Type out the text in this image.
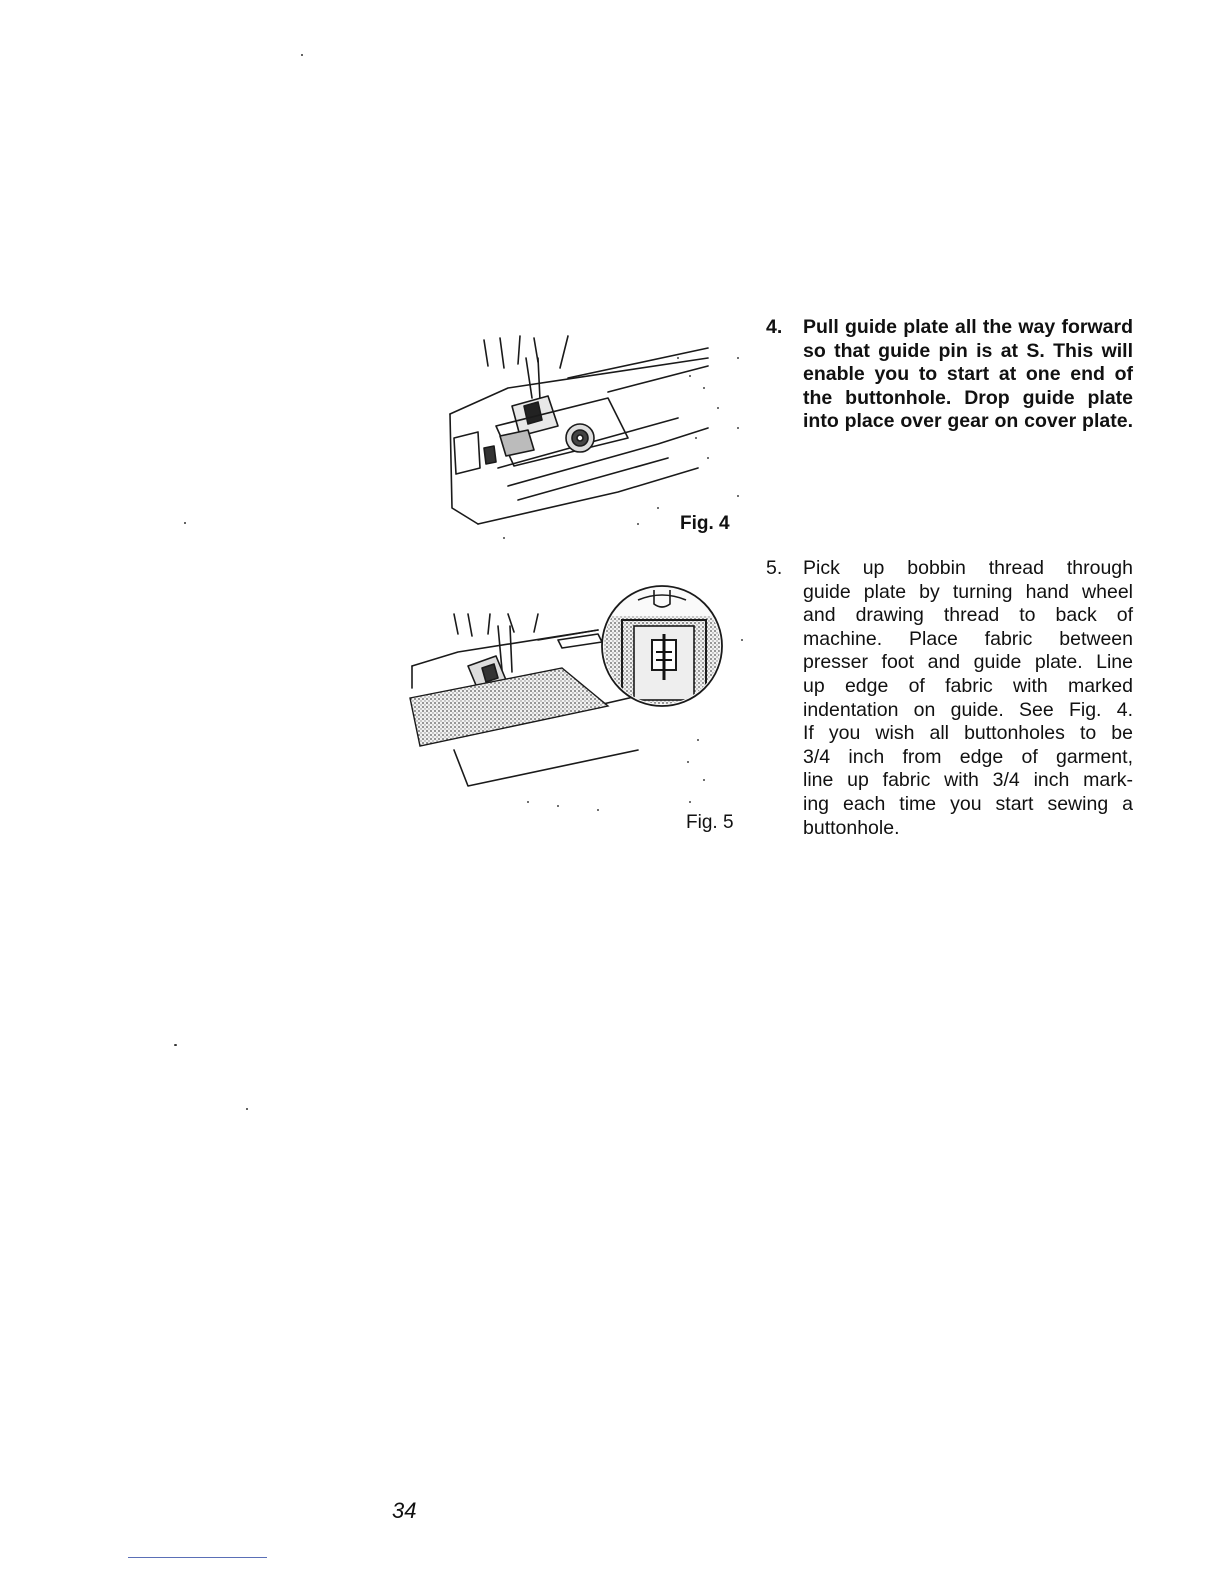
Fig. 4
Fig. 5
4. Pull guide plate all the way forward
so that guide pin is at S. This will
enable you to start at one end of
the buttonhole. Drop guide plate
into place over gear on cover plate.
5. Pick up bobbin thread through
guide plate by turning hand wheel
and drawing thread to back of
machine. Place fabric between
presser foot and guide plate. Line
up edge of fabric with marked
indentation on guide. See Fig. 4.
If you wish all buttonholes to be
3/4 inch from edge of garment,
line up fabric with 3/4 inch mark-
ing each time you start sewing a
buttonhole.
34
